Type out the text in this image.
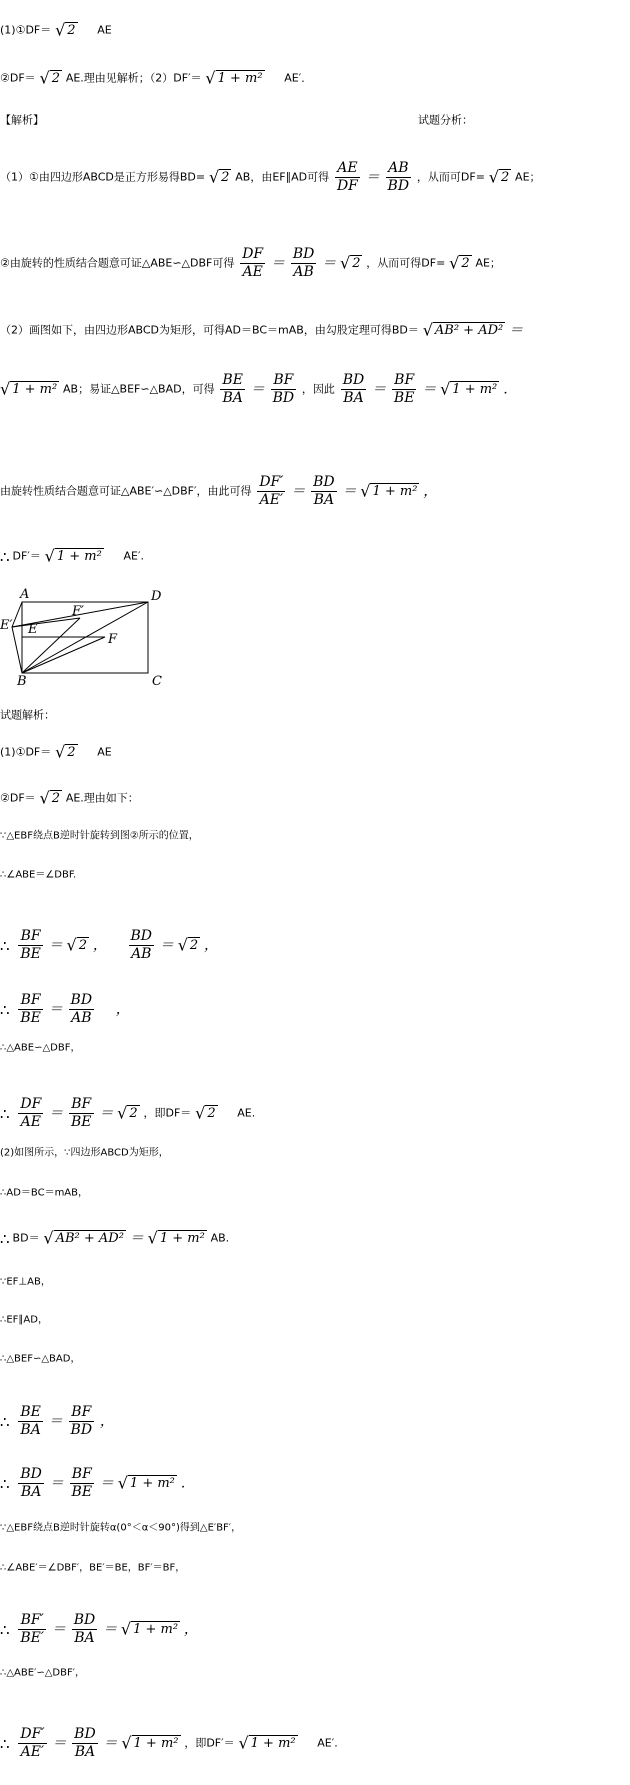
(1)①DF＝ √ 2 AE
②DF＝ √ 2 AE.理由见解析；（2）DF′＝ √ 1 + m² AE′．
【解析】	试题分析：
（1）①由四边形ABCD是正方形易得BD= √ 2 AB，由EF∥AD可得 $\frac{AE}{DF} = \frac{AB}{BD}$ ，从而可DF= √ 2 AE；
②由旋转的性质结合题意可证△ABE∽△DBF可得 $\frac{DF}{AE} = \frac{BD}{AB}$ ＝ √ 2 ，从而可得DF= √ 2 AE；
（2）画图如下，由四边形ABCD为矩形，可得AD＝BC＝mAB，由勾股定理可得BD＝ √ AB² + AD² ＝
√ 1 + m² AB；易证△BEF∽△BAD，可得 $\frac{BE}{BA} = \frac{BF}{BD}$ ，因此 $\frac{BD}{BA} = \frac{BF}{BE}$ ＝ √ 1 + m² ．
由旋转性质结合题意可证△ABE′∽△DBF′，由此可得 $\frac{DF'}{AE'} = \frac{BD}{BA}$ ＝ √ 1 + m² ，
∴ DF′＝ √ 1 + m² AE′.
A	D
E
E′
F′
F
B	C
试题解析：
(1)①DF＝ √ 2 AE
②DF＝ √ 2 AE.理由如下：
∵△EBF绕点B逆时针旋转到图②所示的位置，
∴∠ABE＝∠DBF.
∴ $\frac{BF}{BE}$ ＝ √ 2 ， $\frac{BD}{AB}$ ＝ √ 2 ，
∴ $\frac{BF}{BE} = \frac{BD}{AB}$ ，
∴△ABE∽△DBF，
∴ $\frac{DF}{AE} = \frac{BF}{BE}$ ＝ √ 2 ，即DF＝ √ 2 AE.
(2)如图所示，∵四边形ABCD为矩形，
∴AD＝BC＝mAB，
∴ BD＝ √ AB² + AD² ＝ √ 1 + m² AB.
∵EF⊥AB，
∴EF∥AD，
∴△BEF∽△BAD，
∴ $\frac{BE}{BA} = \frac{BF}{BD}$ ，
∴ $\frac{BD}{BA} = \frac{BF}{BE}$ ＝ √ 1 + m² ．
∵△EBF绕点B逆时针旋转α(0°＜α＜90°)得到△E′BF′，
∴∠ABE′＝∠DBF′，BE′＝BE，BF′＝BF，
∴ $\frac{BF'}{BE'} = \frac{BD}{BA}$ ＝ √ 1 + m² ，
∴△ABE′∽△DBF′，
∴ $\frac{DF'}{AE'} = \frac{BD}{BA}$ ＝ √ 1 + m² ，即DF′＝ √ 1 + m² AE′.
